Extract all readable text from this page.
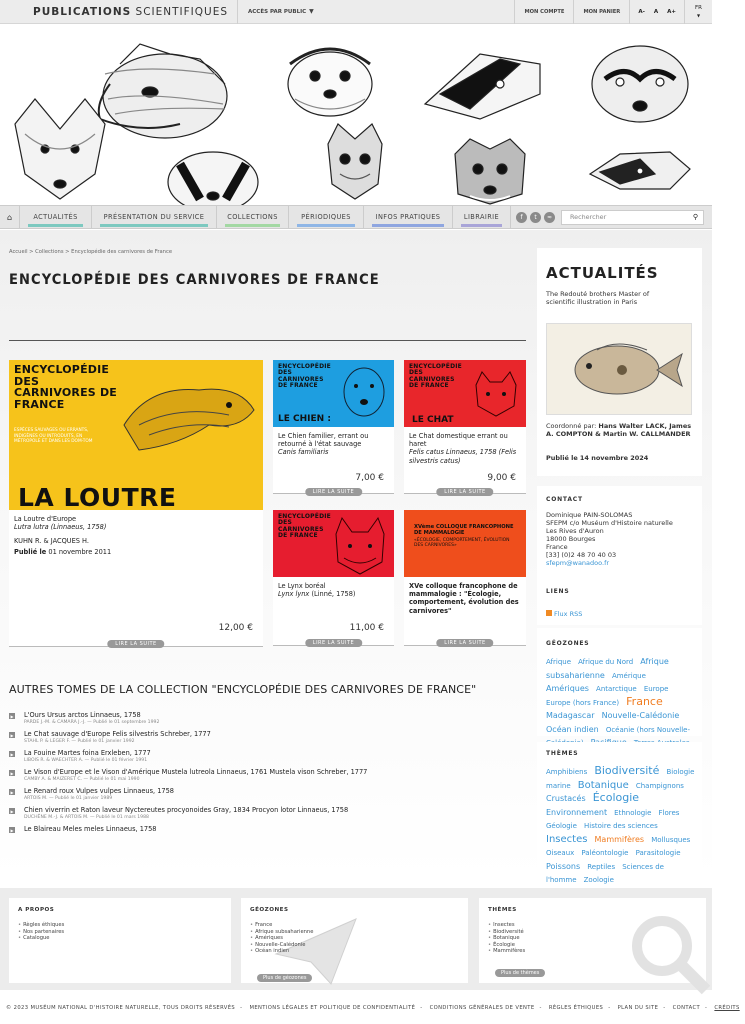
PUBLICATIONS
SCIENTIFIQUES	ACCÈS PAR PUBLIC ▼	MON COMPTE	MON PANIER	A- A A+
FR
▼
⌂	ACTUALITÉS	PRÉSENTATION DU SERVICE	COLLECTIONS	PÉRIODIQUES	INFOS PRATIQUES	LIBRAIRIE	f	t	≈	Rechercher	⚲
Accueil > Collections > Encyclopédie des carnivores de France
ENCYCLOPÉDIE DES CARNIVORES DE FRANCE
ENCYCLOPÉDIE DES CARNIVORES DE FRANCE
ESPÈCES SAUVAGES OU ERRANTS, INDIGÈNES OU INTRODUITS, EN MÉTROPOLE ET DANS LES DOM-TOM
LA LOUTRE
La Loutre d'Europe
Lutra lutra (Linnaeus, 1758)
KUHN R. & JACQUES H.
Publié le 01 novembre 2011
12,00 €
LIRE LA SUITE
ENCYCLOPÉDIE DES CARNIVORES DE FRANCE
LE CHIEN :
Le Chien familier, errant ou retourné à l'état sauvage
Canis familiaris
7,00 €
LIRE LA SUITE
ENCYCLOPÉDIE DES CARNIVORES DE FRANCE
LE CHAT
Le Chat domestique errant ou haret
Felis catus Linnaeus, 1758 (Felis silvestris catus)
9,00 €
LIRE LA SUITE
ENCYCLOPÉDIE DES CARNIVORES DE FRANCE
Le Lynx boréal
Lynx lynx (Linné, 1758)
11,00 €
LIRE LA SUITE
XVème COLLOQUE FRANCOPHONE DE MAMMALOGIE
«ÉCOLOGIE, COMPORTEMENT, ÉVOLUTION DES CARNIVORES»
XVe colloque francophone de mammalogie : "Écologie, comportement, évolution des carnivores"
LIRE LA SUITE
AUTRES TOMES DE LA COLLECTION "ENCYCLOPÉDIE DES CARNIVORES DE FRANCE"
▶ L'Ours Ursus arctos Linnaeus, 1758
PARDE J.-M. & CAMARA J.-J. — Publié le 01 septembre 1992
▶ Le Chat sauvage d'Europe Felis silvestris Schreber, 1777
STAHL P. & LEGER F. — Publié le 01 janvier 1992
▶ La Fouine Martes foina Erxleben, 1777
LIBOIS R. & WAECHTER A. — Publié le 01 février 1991
▶ Le Vison d'Europe et le Vison d'Amérique Mustela lutreola Linnaeus, 1761 Mustela vison Schreber, 1777
CAMBY A. & MAIZERET C. — Publié le 01 mai 1990
▶ Le Renard roux Vulpes vulpes Linnaeus, 1758
ARTOIS M. — Publié le 01 janvier 1989
▶ Chien viverrin et Raton laveur Nyctereutes procyonoides Gray, 1834 Procyon lotor Linnaeus, 1758
DUCHÊNE M.-J. & ARTOIS M. — Publié le 01 mars 1988
▶ Le Blaireau Meles meles Linnaeus, 1758
ACTUALITÉS
The Redouté brothers Master of scientific illustration in Paris
Coordonné par: Hans Walter LACK, James A. COMPTON & Martin W. CALLMANDER
Publié le 14 novembre 2024
CONTACT
Dominique PAIN-SOLOMAS
SFEPM c/o Muséum d'Histoire naturelle
Les Rives d'Auron
18000 Bourges
France
[33] (0)2 48 70 40 03
sfepm@wanadoo.fr
LIENS
Flux RSS
GÉOZONES
Afrique Afrique du Nord Afrique subsaharienne Amérique Amériques Antarctique Europe Europe (hors France) France Madagascar Nouvelle-Calédonie Océan indien Océanie (hors Nouvelle-
THÈMES
Amphibiens Biodiversité Biologie marine Botanique Champignons Crustacés Écologie Environnement Ethnologie Flores Géologie Histoire des sciences Insectes Mammifères Mollusques Oiseaux Paléontologie Parasitologie Poissons Reptiles Sciences de l'homme Zoologie
A PROPOS
• Règles éthiques
• Nos partenaires
• Catalogue
GÉOZONES
• France
• Afrique subsaharienne
• Amériques
• Nouvelle-Calédonie
• Océan indien
Plus de géozones
THÈMES
• Insectes
• Biodiversité
• Botanique
• Écologie
• Mammifères
Plus de thèmes
© 2023 MUSÉUM NATIONAL D'HISTOIRE NATURELLE, TOUS DROITS RÉSERVÉS - MENTIONS LÉGALES ET POLITIQUE DE CONFIDENTIALITÉ - CONDITIONS GÉNÉRALES DE VENTE - RÈGLES ÉTHIQUES - PLAN DU SITE - CONTACT - CRÉDITS
